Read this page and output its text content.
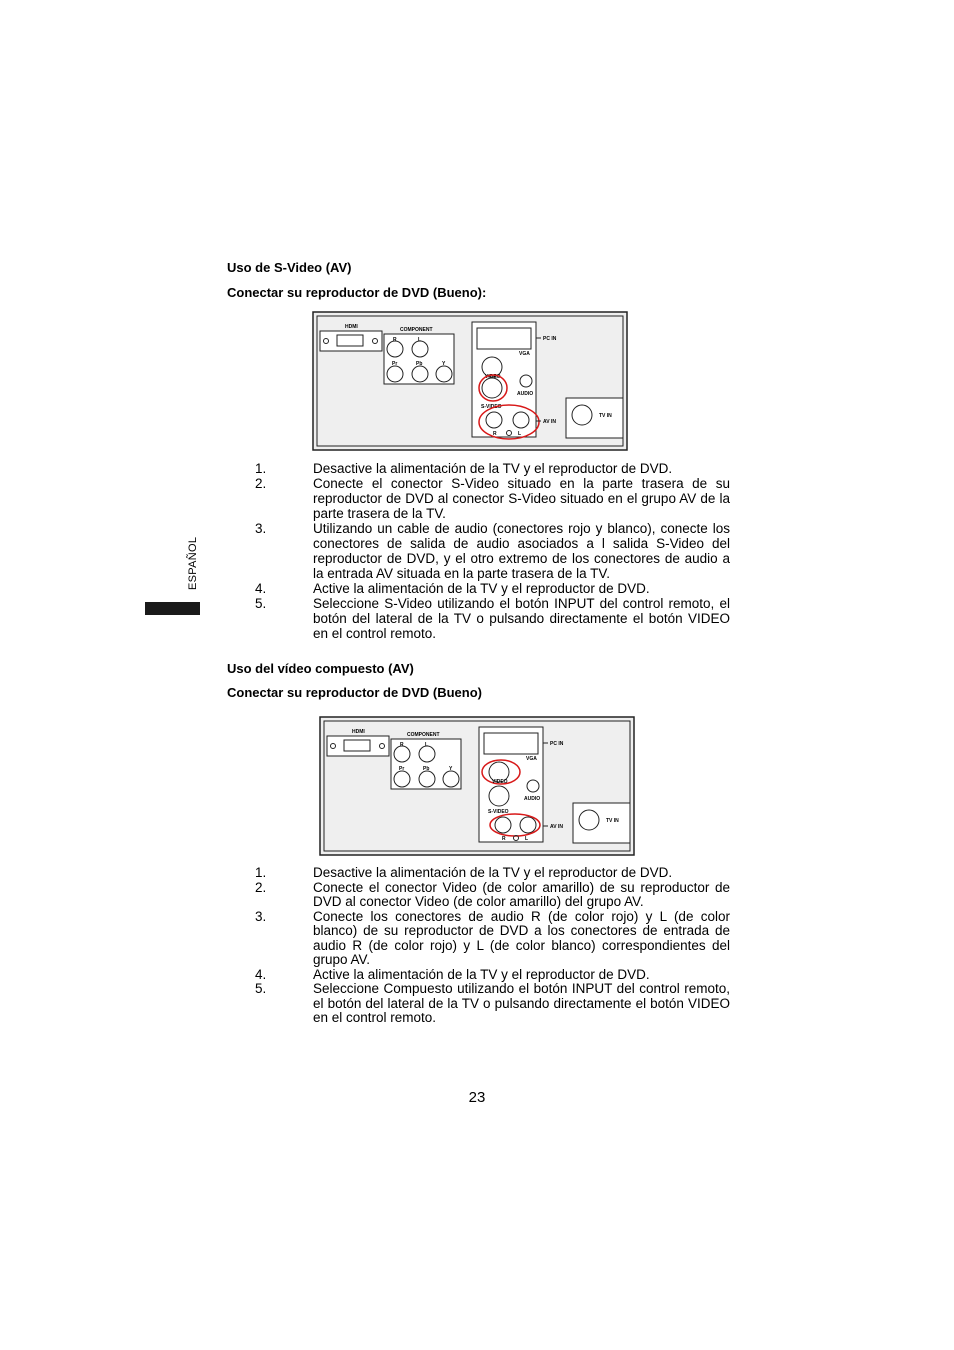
ESPAÑOL
Uso de S-Video (AV)
Conectar su reproductor de DVD (Bueno):
HDMI	COMPONENT
R	L
Pr	Pb	Y
PC IN
VGA
VIDEO
AUDIO
S-VIDEO
R	L
AV IN
TV IN
1.	Desactive la alimentación de la TV y el reproductor de DVD.
2.	Conecte el conector S-Video situado en la parte trasera de su reproductor de DVD al conector S-Video situado en el grupo AV de la parte trasera de la TV.
3.	Utilizando un cable de audio (conectores rojo y blanco), conecte los conectores de salida de audio asociados a l salida S-Video del reproductor de DVD, y el otro extremo de los conectores de audio a la entrada AV situada en la parte trasera de la TV.
4.	Active la alimentación de la TV y el reproductor de DVD.
5.	Seleccione S-Video utilizando el botón INPUT del control remoto, el botón del lateral de la TV o pulsando directamente el botón VIDEO en el control remoto.
Uso del vídeo compuesto (AV)
Conectar su reproductor de DVD (Bueno)
HDMI	COMPONENT
R	L
Pr	Pb	Y
PC IN
VGA
VIDEO
AUDIO
S-VIDEO
R	L
AV IN
TV IN
1.	Desactive la alimentación de la TV y el reproductor de DVD.
2.	Conecte el conector Video (de color amarillo) de su reproductor de DVD al conector Video (de color amarillo) del grupo AV.
3.	Conecte los conectores de audio R (de color rojo) y L (de color blanco) de su reproductor de DVD a los conectores de entrada de audio R (de color rojo) y L (de color blanco) correspondientes del grupo AV.
4.	Active la alimentación de la TV y el reproductor de DVD.
5.	Seleccione Compuesto utilizando el botón INPUT del control remoto, el botón del lateral de la TV o pulsando directamente el botón VIDEO en el control remoto.
23
